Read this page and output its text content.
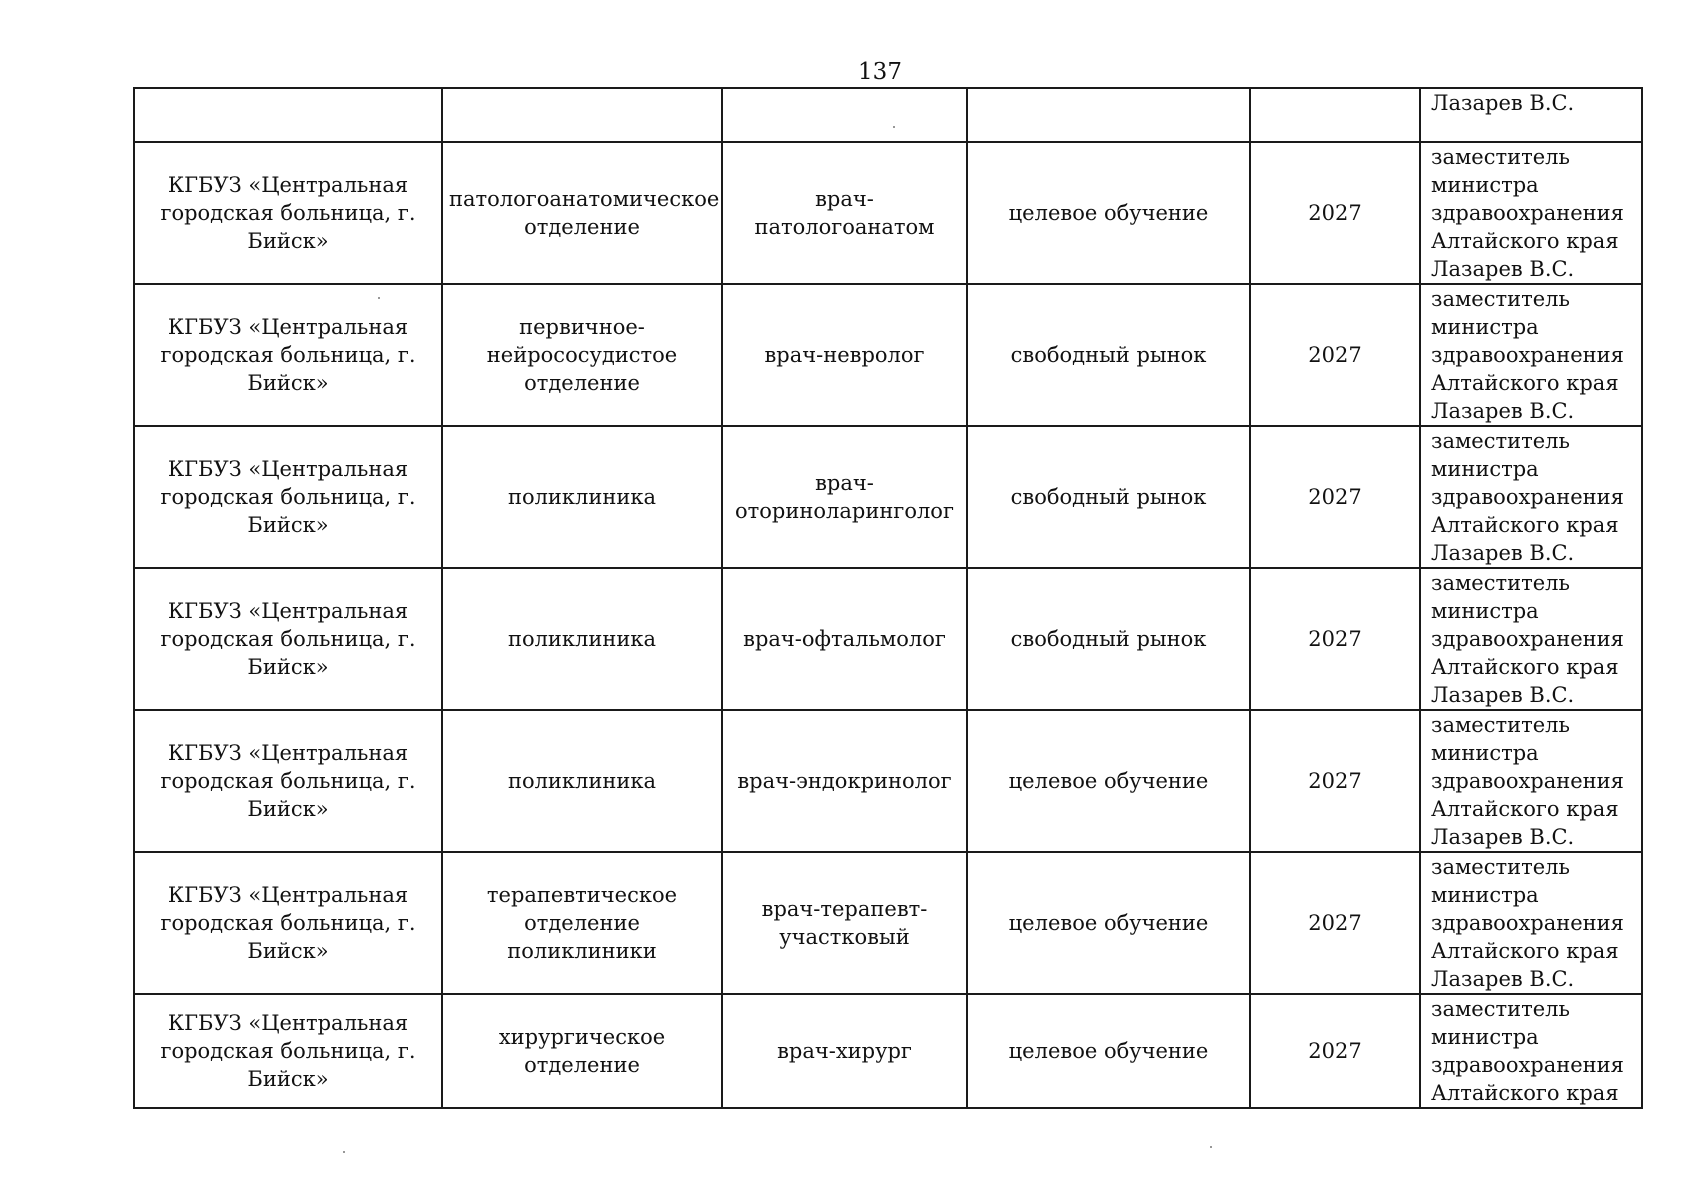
137
					Лазарев В.С.
КГБУЗ «Центральная городская больница, г. Бийск»	патологоанатомическое отделение	врач-патологоанатом	целевое обучение	2027	заместитель
министра
здравоохранения
Алтайского края
Лазарев В.С.
КГБУЗ «Центральная городская больница, г. Бийск»	первичное-нейрососудистое отделение	врач-невролог	свободный рынок	2027	заместитель
министра
здравоохранения
Алтайского края
Лазарев В.С.
КГБУЗ «Центральная городская больница, г. Бийск»	поликлиника	врач-оториноларинголог	свободный рынок	2027	заместитель
министра
здравоохранения
Алтайского края
Лазарев В.С.
КГБУЗ «Центральная городская больница, г. Бийск»	поликлиника	врач-офтальмолог	свободный рынок	2027	заместитель
министра
здравоохранения
Алтайского края
Лазарев В.С.
КГБУЗ «Центральная городская больница, г. Бийск»	поликлиника	врач-эндокринолог	целевое обучение	2027	заместитель
министра
здравоохранения
Алтайского края
Лазарев В.С.
КГБУЗ «Центральная городская больница, г. Бийск»	терапевтическое отделение поликлиники	врач-терапевт-участковый	целевое обучение	2027	заместитель
министра
здравоохранения
Алтайского края
Лазарев В.С.
КГБУЗ «Центральная городская больница, г. Бийск»	хирургическое отделение	врач-хирург	целевое обучение	2027	заместитель
министра
здравоохранения
Алтайского края
